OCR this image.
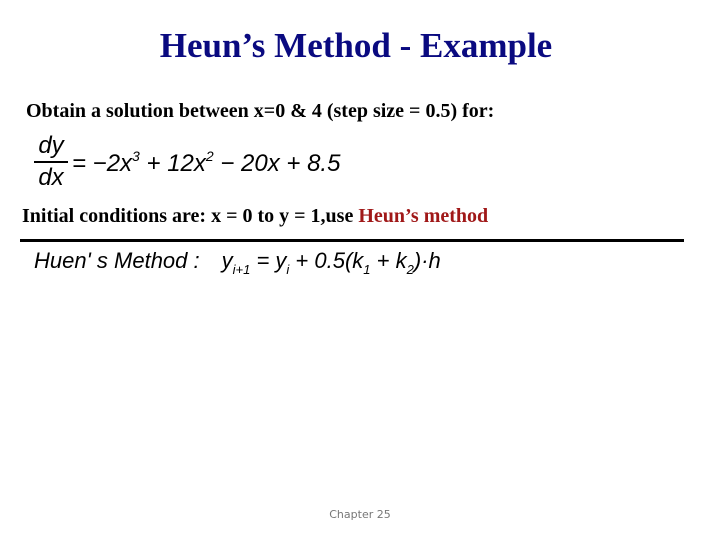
Heun’s Method - Example
Obtain a solution between x=0 & 4 (step size = 0.5) for:
dy
dx = $-2x^3 + 12x^2 - 20x + 8.5$
Initial conditions are: x = 0 to y = 1,use Heun’s method
Huen' s Method : $y_{i+1} = y_i + 0.5(k_1 + k_2)\cdot h$
Chapter 25
